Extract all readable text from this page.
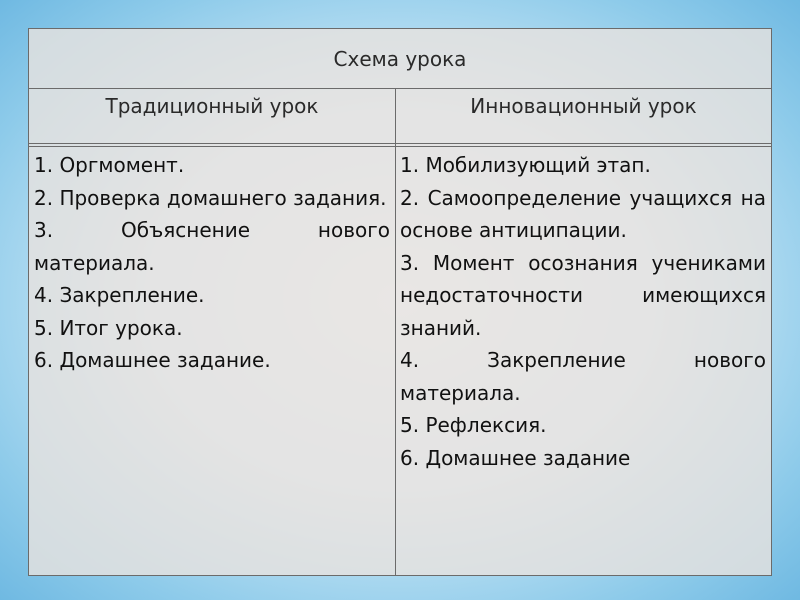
Схема урока
Традиционный урок	Инновационный урок
1. Оргмомент.
2. Проверка домашнего задания.
3. Объяснение нового материала.
4. Закрепление.
5. Итог урока.
6. Домашнее задание.
1. Мобилизующий этап.
2. Самоопределение учащихся на основе антиципации.
3. Момент осознания учениками недостаточности имеющихся знаний.
4. Закрепление нового материала.
5. Рефлексия.
6. Домашнее задание
